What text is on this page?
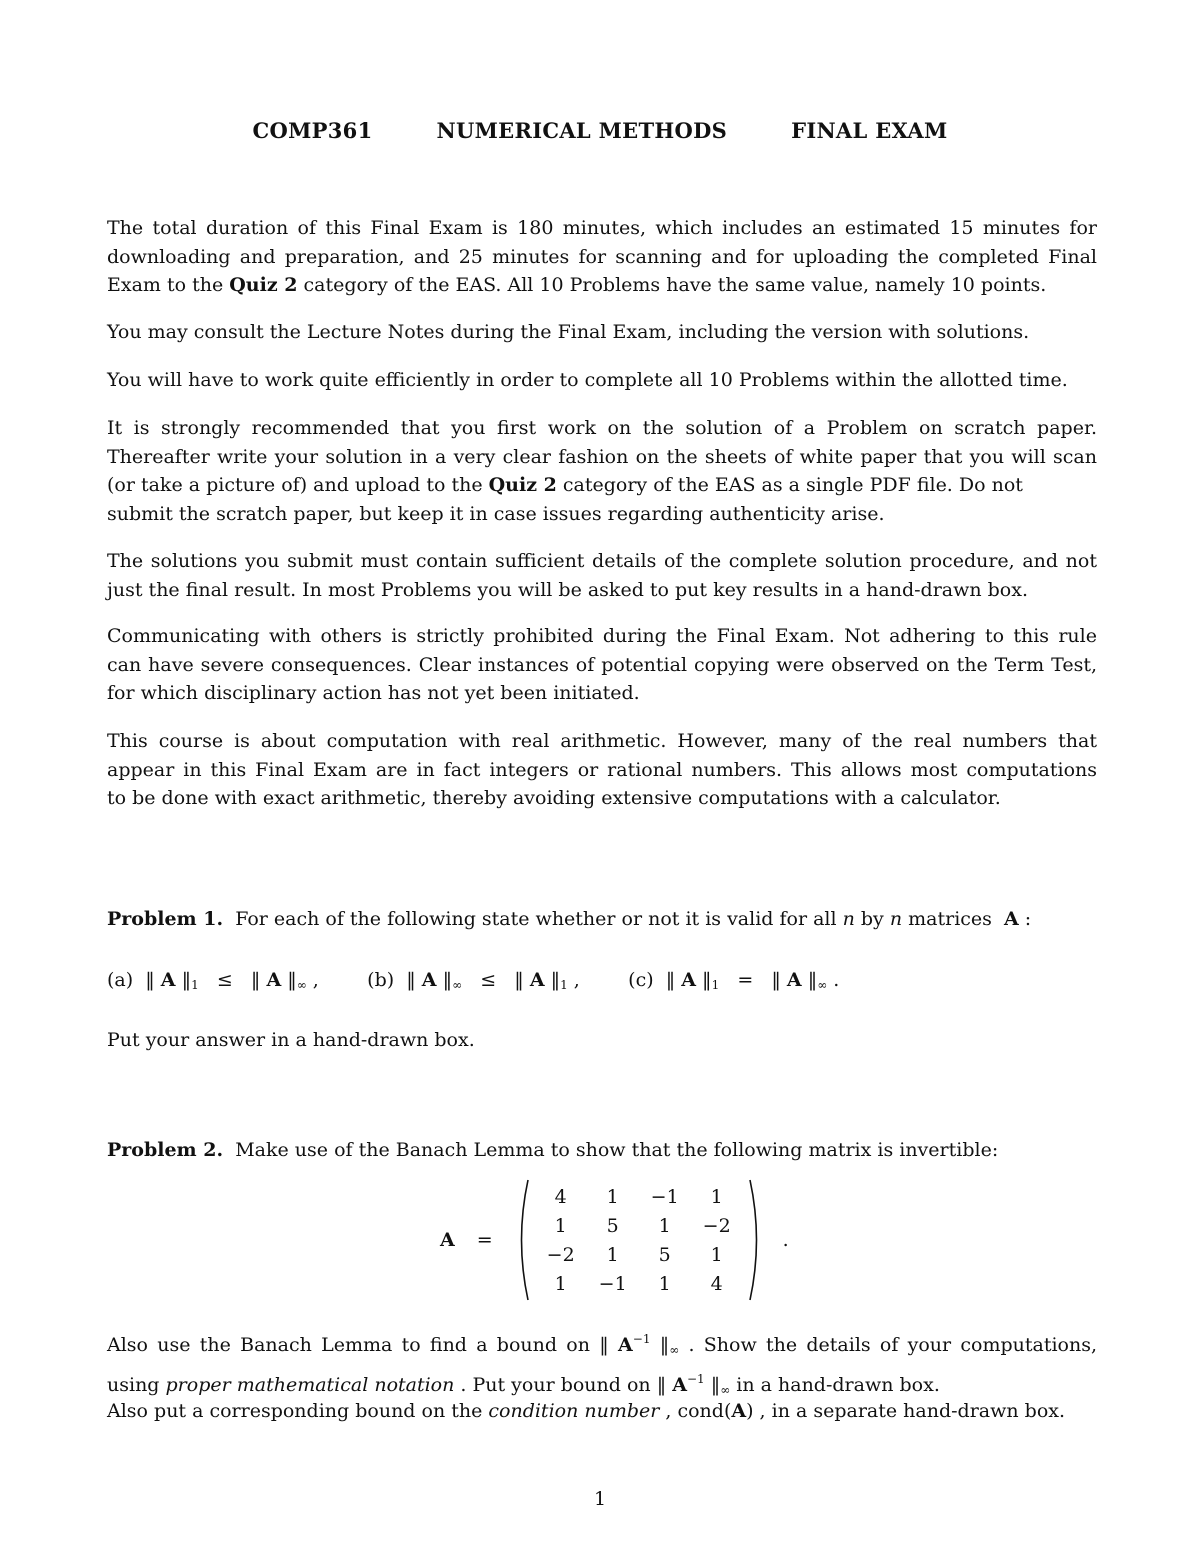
COMP361	NUMERICAL METHODS	FINAL EXAM
The total duration of this Final Exam is 180 minutes, which includes an estimated 15 minutes for
downloading and preparation, and 25 minutes for scanning and for uploading the completed Final
Exam to the Quiz 2 category of the EAS. All 10 Problems have the same value, namely 10 points.
You may consult the Lecture Notes during the Final Exam, including the version with solutions.
You will have to work quite efficiently in order to complete all 10 Problems within the allotted time.
It is strongly recommended that you first work on the solution of a Problem on scratch paper.
Thereafter write your solution in a very clear fashion on the sheets of white paper that you will scan
(or take a picture of) and upload to the Quiz 2 category of the EAS as a single PDF file. Do not
submit the scratch paper, but keep it in case issues regarding authenticity arise.
The solutions you submit must contain sufficient details of the complete solution procedure, and not
just the final result. In most Problems you will be asked to put key results in a hand-drawn box.
Communicating with others is strictly prohibited during the Final Exam. Not adhering to this rule
can have severe consequences. Clear instances of potential copying were observed on the Term Test,
for which disciplinary action has not yet been initiated.
This course is about computation with real arithmetic. However, many of the real numbers that
appear in this Final Exam are in fact integers or rational numbers. This allows most computations
to be done with exact arithmetic, thereby avoiding extensive computations with a calculator.
Problem 1. For each of the following state whether or not it is valid for all n by n matrices  A :
(a) ‖ A $‖_1$ ≤ ‖ A $‖_\infty$ ,        (b) ‖ A $‖_\infty$ ≤ ‖ A $‖_1$ ,        (c) ‖ A $‖_1$ = ‖ A $‖_\infty$ .
Put your answer in a hand-drawn box.
Problem 2. Make use of the Banach Lemma to show that the following matrix is invertible:
A =
4	1	−1	1
1	5	1	−2
−2	1	5	1
1	−1	1	4
.
Also use the Banach Lemma to find a bound on ‖ $A^{-1}$ $‖_\infty$ . Show the details of your computations,
using proper mathematical notation . Put your bound on ‖ $A^{-1}$ $‖_\infty$ in a hand-drawn box.
Also put a corresponding bound on the condition number , cond(A) , in a separate hand-drawn box.
1
